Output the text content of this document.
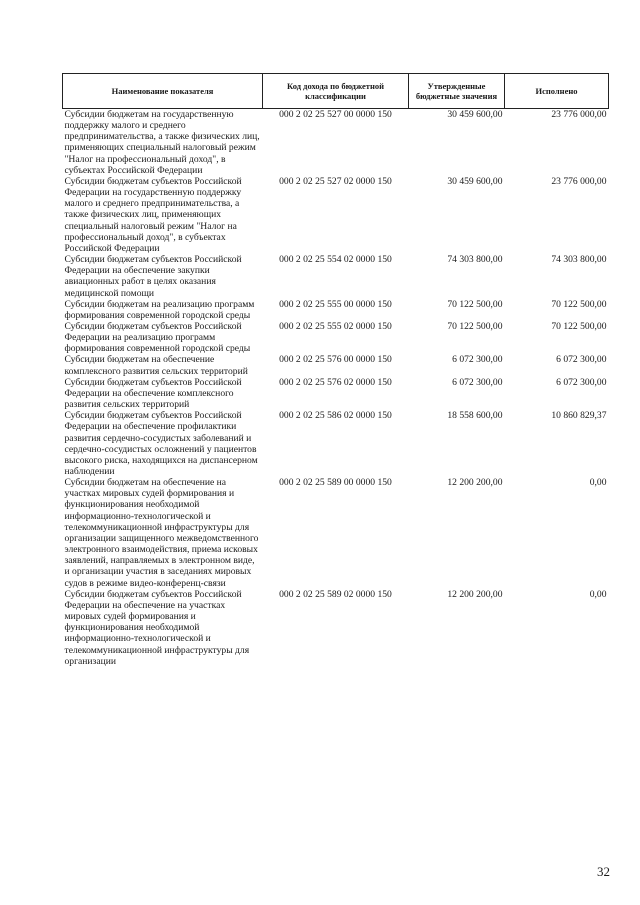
Наименование показателя	Код дохода по бюджетной классификации	Утвержденные бюджетные значения	Исполнено
Субсидии бюджетам на государственную поддержку малого и среднего предпринимательства, а также физических лиц, применяющих специальный налоговый режим "Налог на профессиональный доход", в субъектах Российской Федерации	000 2 02 25 527 00 0000 150	30 459 600,00	23 776 000,00
Субсидии бюджетам субъектов Российской Федерации на государственную поддержку малого и среднего предпринимательства, а также физических лиц, применяющих специальный налоговый режим "Налог на профессиональный доход", в субъектах Российской Федерации	000 2 02 25 527 02 0000 150	30 459 600,00	23 776 000,00
Субсидии бюджетам субъектов Российской Федерации на обеспечение закупки авиационных работ в целях оказания медицинской помощи	000 2 02 25 554 02 0000 150	74 303 800,00	74 303 800,00
Субсидии бюджетам на реализацию программ формирования современной городской среды	000 2 02 25 555 00 0000 150	70 122 500,00	70 122 500,00
Субсидии бюджетам субъектов Российской Федерации на реализацию программ формирования современной городской среды	000 2 02 25 555 02 0000 150	70 122 500,00	70 122 500,00
Субсидии бюджетам на обеспечение комплексного развития сельских территорий	000 2 02 25 576 00 0000 150	6 072 300,00	6 072 300,00
Субсидии бюджетам субъектов Российской Федерации на обеспечение комплексного развития сельских территорий	000 2 02 25 576 02 0000 150	6 072 300,00	6 072 300,00
Субсидии бюджетам субъектов Российской Федерации на обеспечение профилактики развития сердечно-сосудистых заболеваний и сердечно-сосудистых осложнений у пациентов высокого риска, находящихся на диспансерном наблюдении	000 2 02 25 586 02 0000 150	18 558 600,00	10 860 829,37
Субсидии бюджетам на обеспечение на участках мировых судей формирования и функционирования необходимой информационно-технологической и телекоммуникационной инфраструктуры для организации защищенного межведомственного электронного взаимодействия, приема исковых заявлений, направляемых в электронном виде, и организации участия в заседаниях мировых судов в режиме видео-конференц-связи	000 2 02 25 589 00 0000 150	12 200 200,00	0,00
Субсидии бюджетам субъектов Российской Федерации на обеспечение на участках мировых судей формирования и функционирования необходимой информационно-технологической и телекоммуникационной инфраструктуры для организации	000 2 02 25 589 02 0000 150	12 200 200,00	0,00
32
